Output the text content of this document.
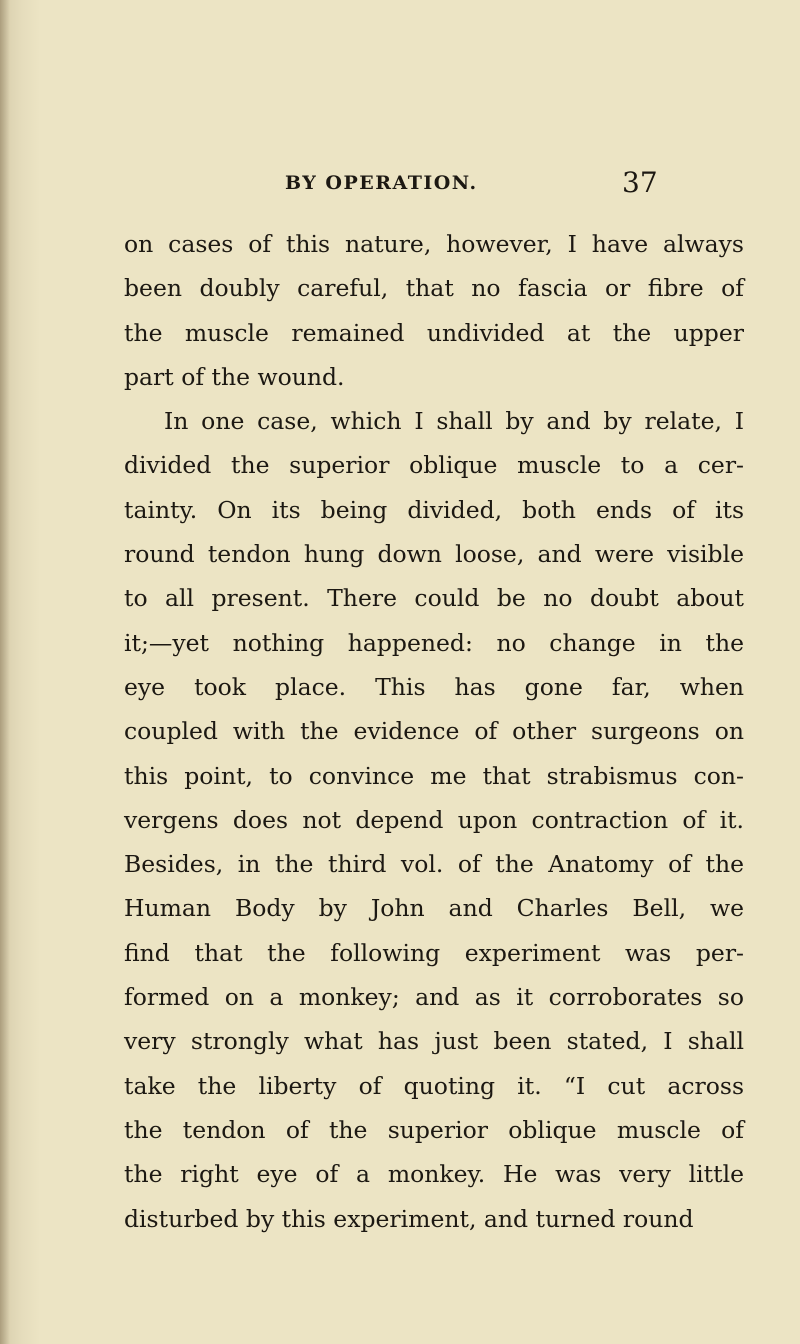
BY OPERATION.	37
on cases of this nature, however, I have always
been doubly careful, that no fascia or fibre of
the muscle remained undivided at the upper
part of the wound.
In one case, which I shall by and by relate, I
divided the superior oblique muscle to a cer-
tainty. On its being divided, both ends of its
round tendon hung down loose, and were visible
to all present. There could be no doubt about
it;—yet nothing happened: no change in the
eye took place. This has gone far, when
coupled with the evidence of other surgeons on
this point, to convince me that strabismus con-
vergens does not depend upon contraction of it.
Besides, in the third vol. of the Anatomy of the
Human Body by John and Charles Bell, we
find that the following experiment was per-
formed on a monkey; and as it corroborates so
very strongly what has just been stated, I shall
take the liberty of quoting it. “I cut across
the tendon of the superior oblique muscle of
the right eye of a monkey. He was very little
disturbed by this experiment, and turned round
